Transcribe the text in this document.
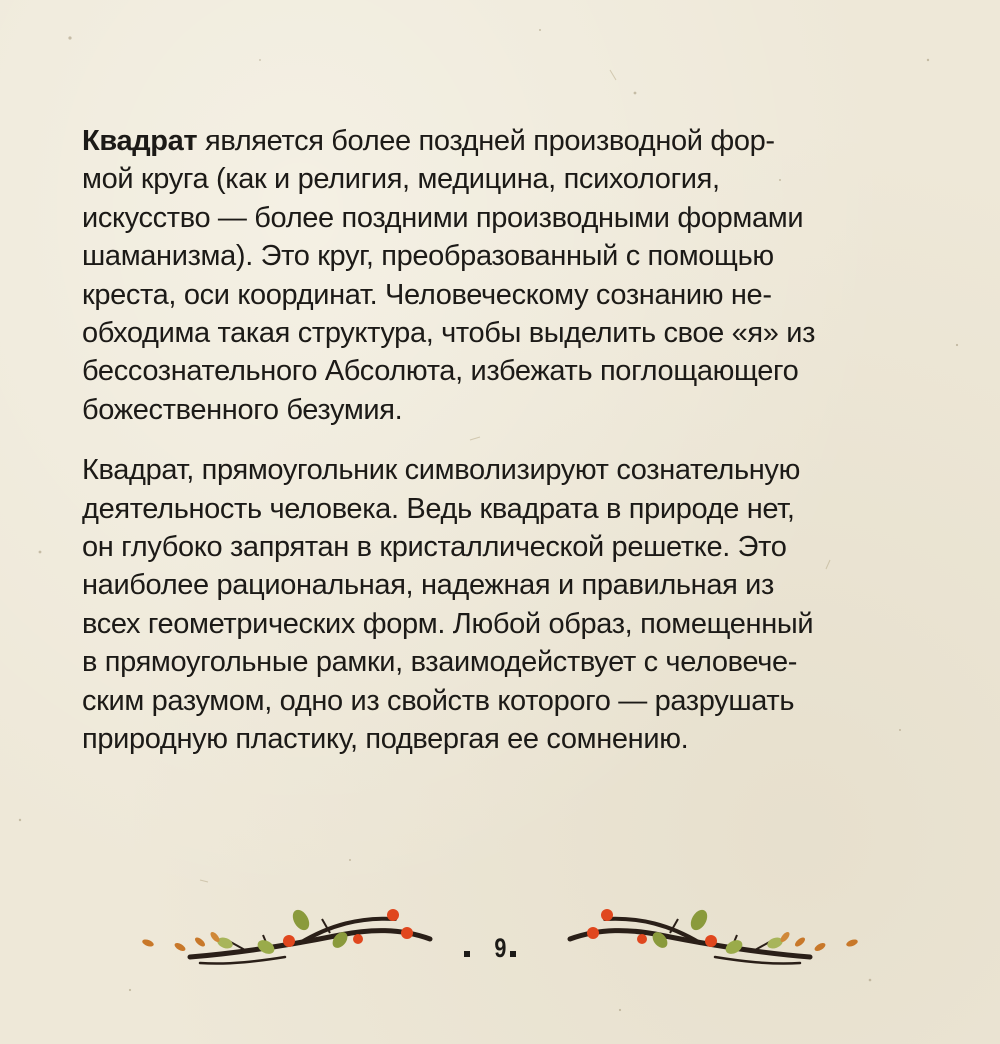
Квадрат является более поздней производной фор-
мой круга (как и религия, медицина, психология,
искусство — более поздними производными формами
шаманизма). Это круг, преобразованный с помощью
креста, оси координат. Человеческому сознанию не-
обходима такая структура, чтобы выделить свое «я» из
бессознательного Абсолюта, избежать поглощающего
божественного безумия.

Квадрат, прямоугольник символизируют сознательную
деятельность человека. Ведь квадрата в природе нет,
он глубоко запрятан в кристаллической решетке. Это
наиболее рациональная, надежная и правильная из
всех геометрических форм. Любой образ, помещенный
в прямоугольные рамки, взаимодействует с человече-
ским разумом, одно из свойств которого — разрушать
природную пластику, подвергая ее сомнению.

9
